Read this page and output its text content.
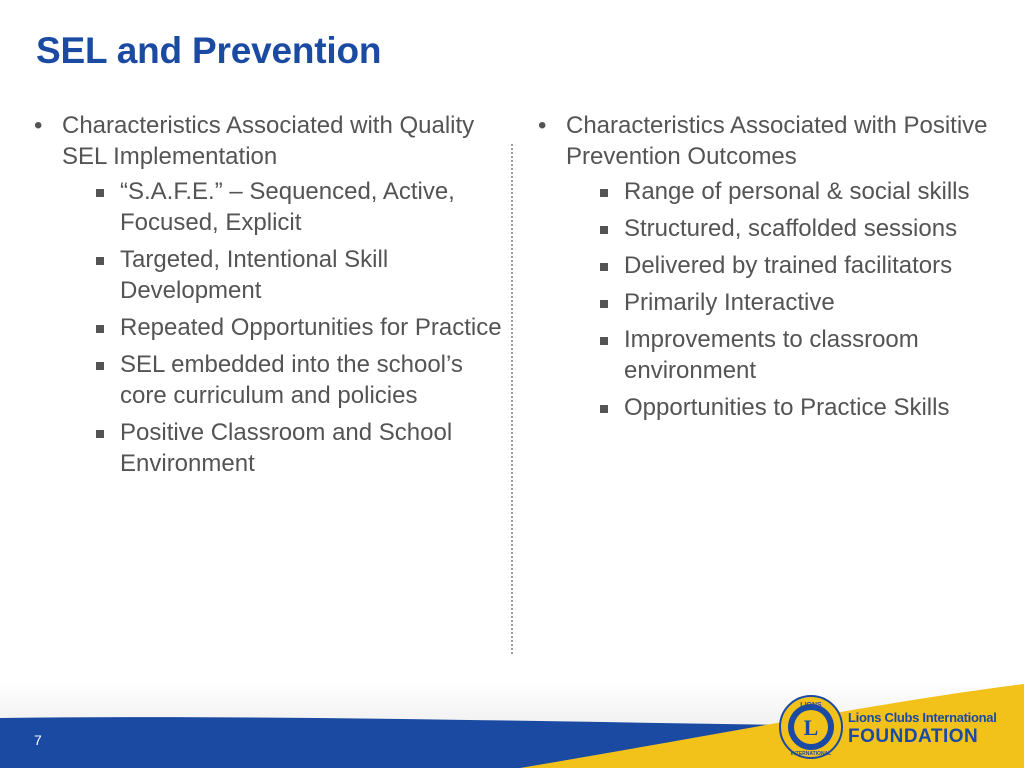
SEL and Prevention
• Characteristics Associated with Quality SEL Implementation
“S.A.F.E.” – Sequenced, Active, Focused, Explicit
Targeted, Intentional Skill Development
Repeated Opportunities for Practice
SEL embedded into the school’s core curriculum and policies
Positive Classroom and School Environment
• Characteristics Associated with Positive Prevention Outcomes
Range of personal & social skills
Structured, scaffolded sessions
Delivered by trained facilitators
Primarily Interactive
Improvements to classroom environment
Opportunities to Practice Skills
7
LIONS
INTERNATIONAL
L Lions Clubs International
FOUNDATION
